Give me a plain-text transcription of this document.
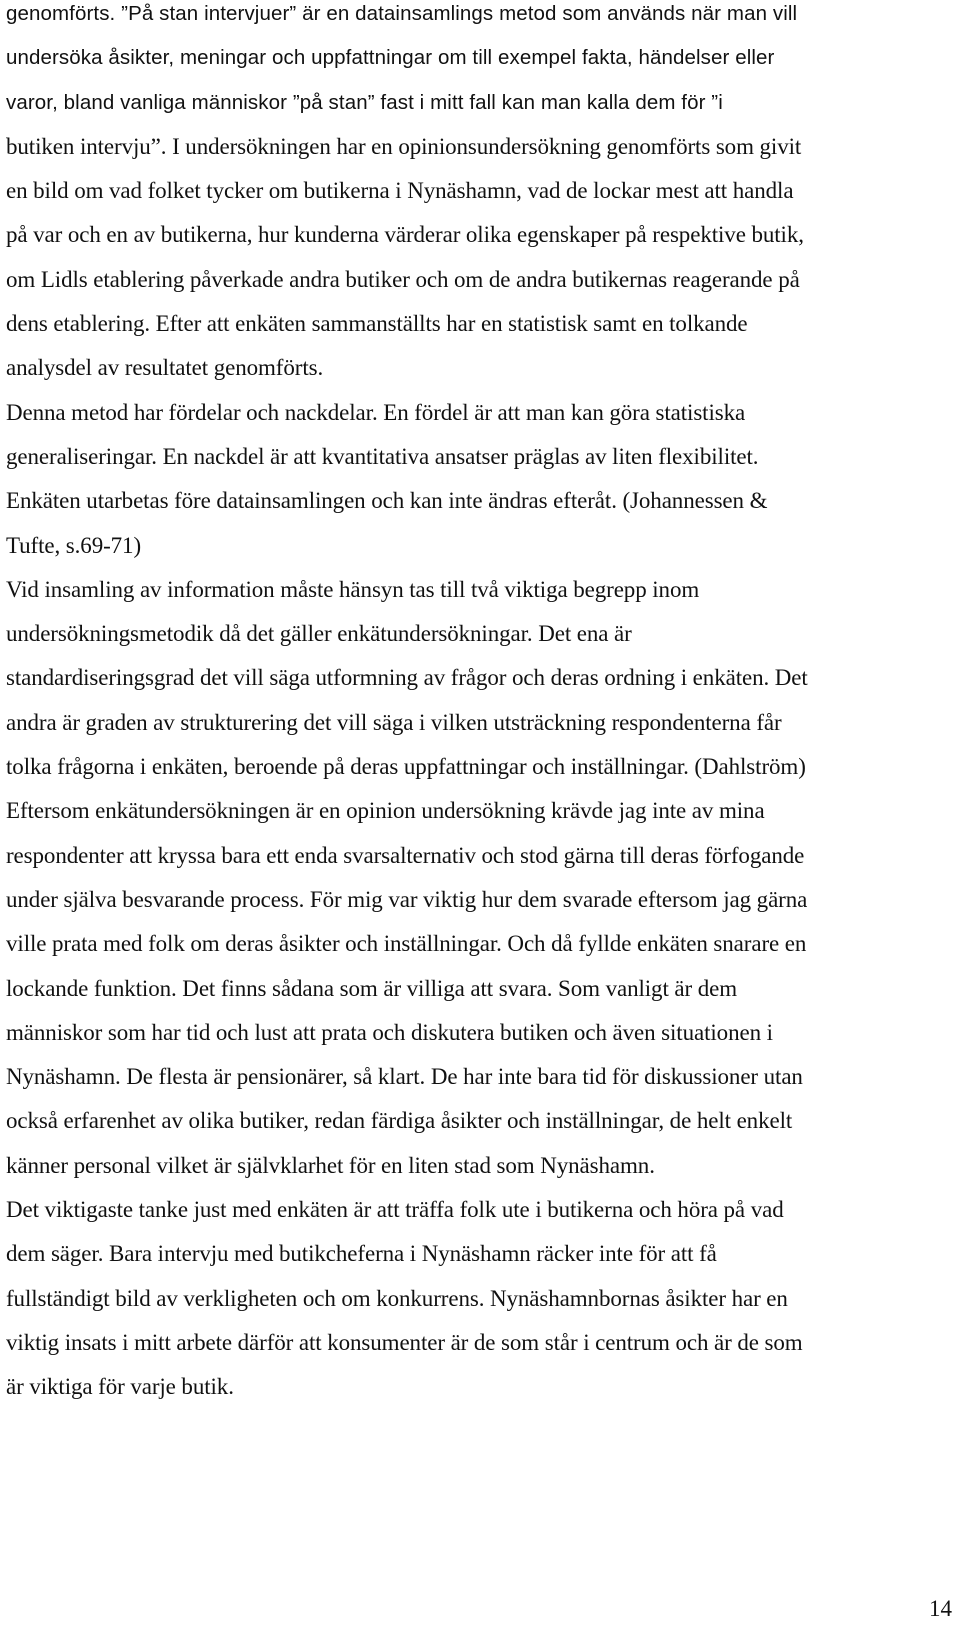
genomförts. ”På stan intervjuer” är en datainsamlings metod som används när man vill
undersöka åsikter, meningar och uppfattningar om till exempel fakta, händelser eller
varor, bland vanliga människor ”på stan” fast i mitt fall kan man kalla dem för ”i
butiken intervju”. I undersökningen har en opinionsundersökning genomförts som givit
en bild om vad folket tycker om butikerna i Nynäshamn, vad de lockar mest att handla
på var och en av butikerna, hur kunderna värderar olika egenskaper på respektive butik,
om Lidls etablering påverkade andra butiker och om de andra butikernas reagerande på
dens etablering. Efter att enkäten sammanställts har en statistisk samt en tolkande
analysdel av resultatet genomförts.
Denna metod har fördelar och nackdelar. En fördel är att man kan göra statistiska
generaliseringar. En nackdel är att kvantitativa ansatser präglas av liten flexibilitet.
Enkäten utarbetas före datainsamlingen och kan inte ändras efteråt. (Johannessen &
Tufte, s.69-71)
Vid insamling av information måste hänsyn tas till två viktiga begrepp inom
undersökningsmetodik då det gäller enkätundersökningar. Det ena är
standardiseringsgrad det vill säga utformning av frågor och deras ordning i enkäten. Det
andra är graden av strukturering det vill säga i vilken utsträckning respondenterna får
tolka frågorna i enkäten, beroende på deras uppfattningar och inställningar. (Dahlström)
Eftersom enkätundersökningen är en opinion undersökning krävde jag inte av mina
respondenter att kryssa bara ett enda svarsalternativ och stod gärna till deras förfogande
under själva besvarande process. För mig var viktig hur dem svarade eftersom jag gärna
ville prata med folk om deras åsikter och inställningar. Och då fyllde enkäten snarare en
lockande funktion. Det finns sådana som är villiga att svara. Som vanligt är dem
människor som har tid och lust att prata och diskutera butiken och även situationen i
Nynäshamn. De flesta är pensionärer, så klart. De har inte bara tid för diskussioner utan
också erfarenhet av olika butiker, redan färdiga åsikter och inställningar, de helt enkelt
känner personal vilket är självklarhet för en liten stad som Nynäshamn.
Det viktigaste tanke just med enkäten är att träffa folk ute i butikerna och höra på vad
dem säger. Bara intervju med butikcheferna i Nynäshamn räcker inte för att få
fullständigt bild av verkligheten och om konkurrens. Nynäshamnbornas åsikter har en
viktig insats i mitt arbete därför att konsumenter är de som står i centrum och är de som
är viktiga för varje butik.
14
